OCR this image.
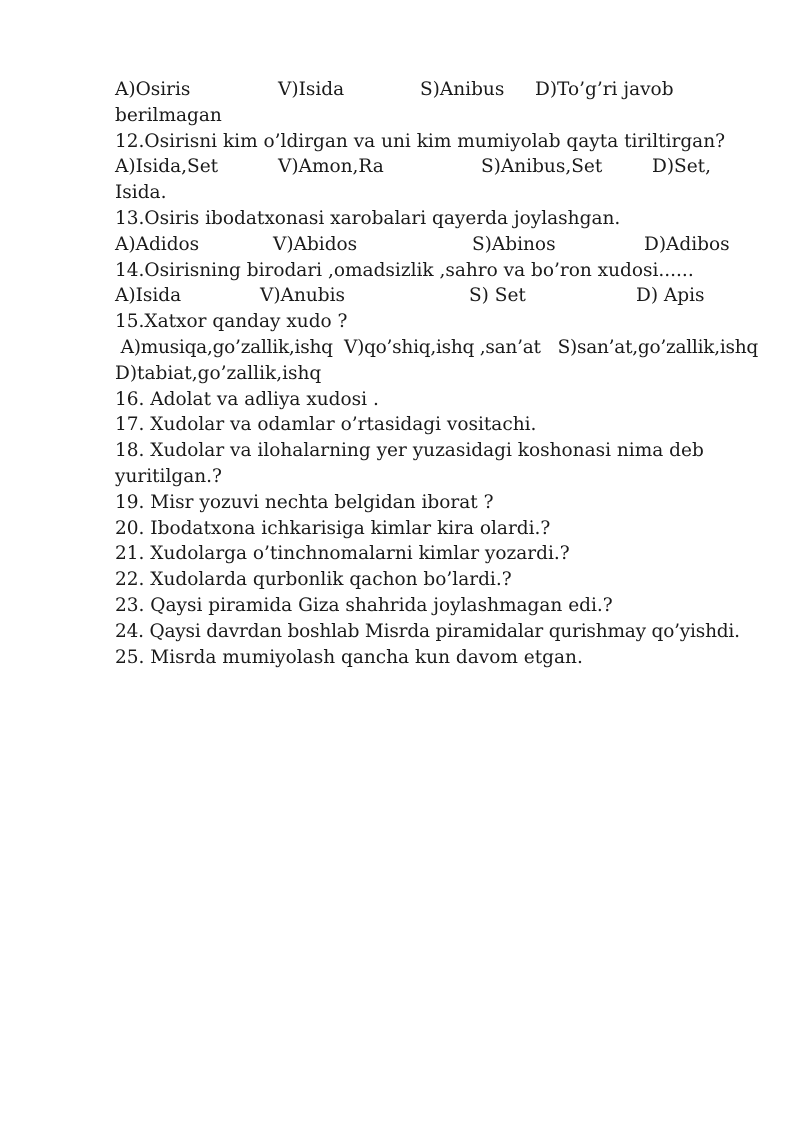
A)Osiris	V)Isida	S)Anibus D)To’g’ri javob
berilmagan
12.Osirisni kim o’ldirgan va uni kim mumiyolab qayta tiriltirgan?
A)Isida,Set	V)Amon,Ra	S)Anibus,Set	D)Set,
Isida.
13.Osiris ibodatxonasi xarobalari qayerda joylashgan.
A)Adidos	V)Abidos	S)Abinos	D)Adibos
14.Osirisning birodari ,omadsizlik ,sahro va bo’ron xudosi......
A)Isida	V)Anubis	S) Set	D) Apis
15.Xatxor qanday xudo ?
A)musiqa,go’zallik,ishq  V)qo’shiq,ishq ,san’at   S)san’at,go’zallik,ishq
D)tabiat,go’zallik,ishq
16. Adolat va adliya xudosi .
17. Xudolar va odamlar o’rtasidagi vositachi.
18. Xudolar va ilohalarning yer yuzasidagi koshonasi nima deb
yuritilgan.?
19. Misr yozuvi nechta belgidan iborat ?
20. Ibodatxona ichkarisiga kimlar kira olardi.?
21. Xudolarga o’tinchnomalarni kimlar yozardi.?
22. Xudolarda qurbonlik qachon bo’lardi.?
23. Qaysi piramida Giza shahrida joylashmagan edi.?
24. Qaysi davrdan boshlab Misrda piramidalar qurishmay qo’yishdi.
25. Misrda mumiyolash qancha kun davom etgan.
